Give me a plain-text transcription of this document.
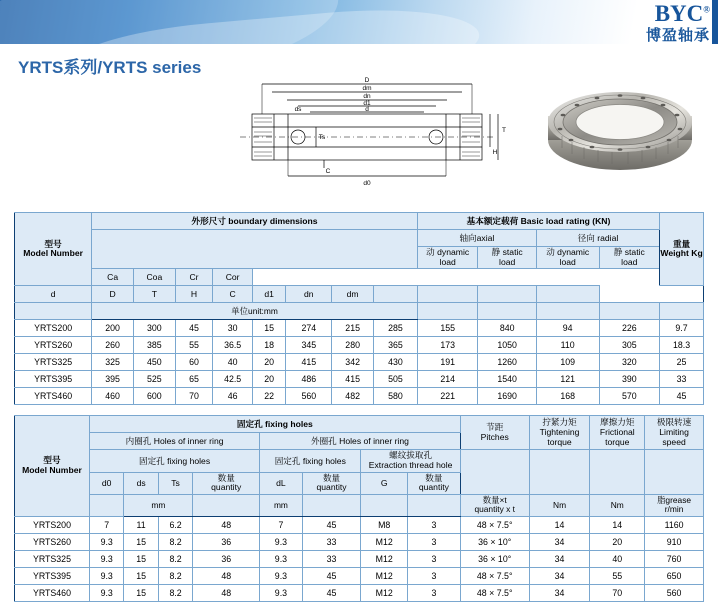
BYC®
博盈轴承
YRTS系列/YRTS series
D
dm
dn
d1
d
ds
Ts
T
H
d0
C
型号
Model Number	外形尺寸 boundary dimensions								基本额定载荷 Basic load rating (KN)				重量
Weight Kg

									轴向axial		径向 radial		
									动 dynamic
load	静 static
load	动 dynamic
load	静 static
load	
	Ca	Coa	Cr	Cor									
d	D	T	H	C	d1	dn	dm						
	单位unit:mm												
YRTS200	200	300	45	30	15	274	215	285	155	840	94	226	9.7
YRTS260	260	385	55	36.5	18	345	280	365	173	1050	110	305	18.3
YRTS325	325	450	60	40	20	415	342	430	191	1260	109	320	25
YRTS395	395	525	65	42.5	20	486	415	505	214	1540	121	390	33
YRTS460	460	600	70	46	22	560	482	580	221	1690	168	570	45
型号
Model Number	固定孔 fixing holes								节距
Pitches	拧紧力矩
Tightening
torque	摩擦力矩
Frictional
torque	极限转速
Limiting
speed
	内圈孔 Holes of inner ring				外圈孔 Holes of inner ring							
	固定孔 fixing holes				固定孔 fixing holes		螺纹拔取孔
Extraction thread hole					
	d0	ds	Ts	数量
quantity	dL	数量
quantity	G	数量
quantity				
		mm			mm				数量×t
quantity x t	Nm	Nm	脂grease
r/min
YRTS200	7	11	6.2	48	7	45	M8	3	48 × 7.5°	14	14	1160
YRTS260	9.3	15	8.2	36	9.3	33	M12	3	36 × 10°	34	20	910
YRTS325	9.3	15	8.2	36	9.3	33	M12	3	36 × 10°	34	40	760
YRTS395	9.3	15	8.2	48	9.3	45	M12	3	48 × 7.5°	34	55	650
YRTS460	9.3	15	8.2	48	9.3	45	M12	3	48 × 7.5°	34	70	560
